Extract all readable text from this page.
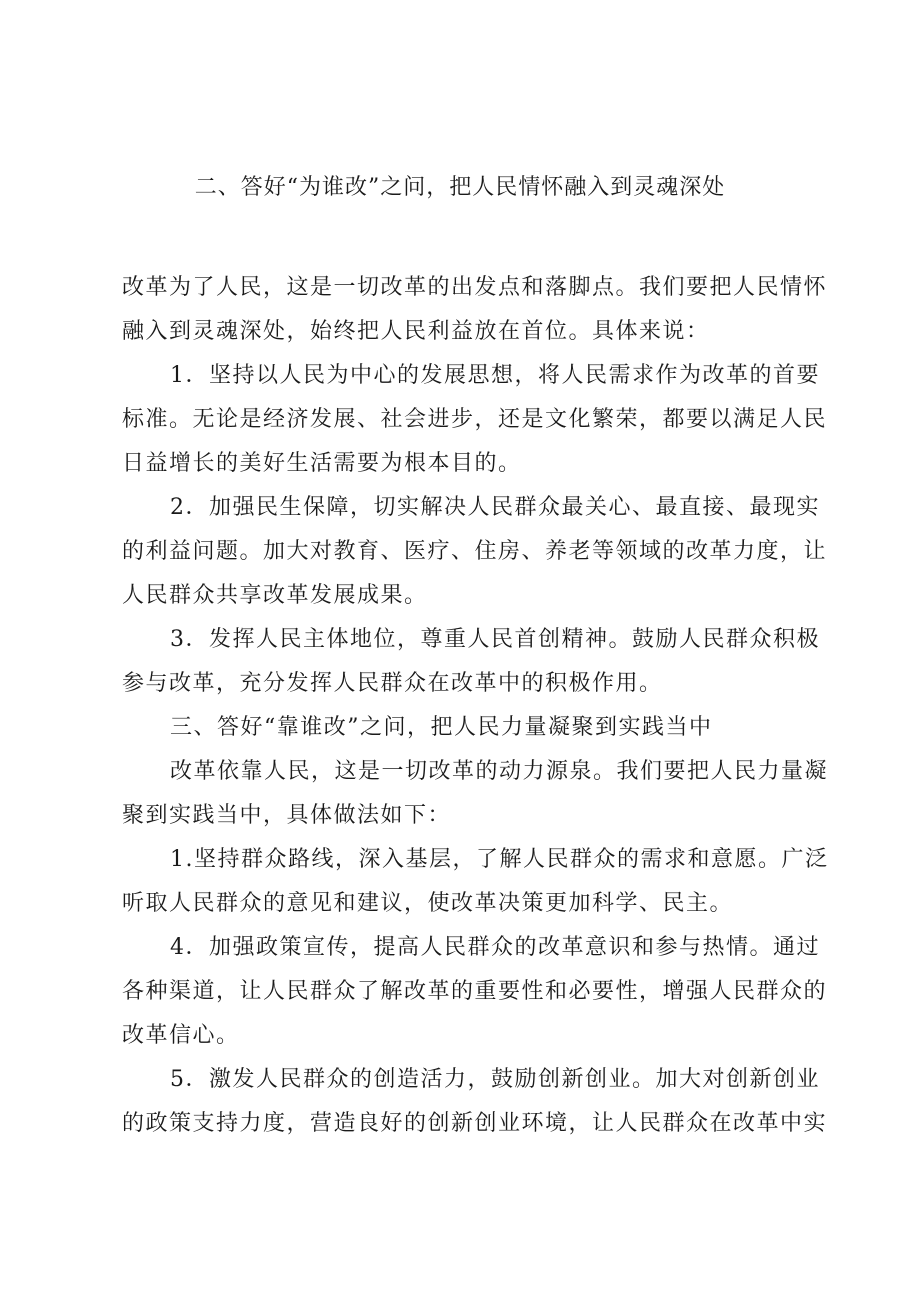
二、答好“为谁改”之问，把人民情怀融入到灵魂深处
改革为了人民，这是一切改革的出发点和落脚点。我们要把人民情怀
融入到灵魂深处，始终把人民利益放在首位。具体来说：
1．坚持以人民为中心的发展思想，将人民需求作为改革的首要
标准。无论是经济发展、社会进步，还是文化繁荣，都要以满足人民
日益增长的美好生活需要为根本目的。
2．加强民生保障，切实解决人民群众最关心、最直接、最现实
的利益问题。加大对教育、医疗、住房、养老等领域的改革力度，让
人民群众共享改革发展成果。
3．发挥人民主体地位，尊重人民首创精神。鼓励人民群众积极
参与改革，充分发挥人民群众在改革中的积极作用。
三、答好“靠谁改”之问，把人民力量凝聚到实践当中
改革依靠人民，这是一切改革的动力源泉。我们要把人民力量凝
聚到实践当中，具体做法如下：
1.坚持群众路线，深入基层，了解人民群众的需求和意愿。广泛
听取人民群众的意见和建议，使改革决策更加科学、民主。
4．加强政策宣传，提高人民群众的改革意识和参与热情。通过
各种渠道，让人民群众了解改革的重要性和必要性，增强人民群众的
改革信心。
5．激发人民群众的创造活力，鼓励创新创业。加大对创新创业
的政策支持力度，营造良好的创新创业环境，让人民群众在改革中实
